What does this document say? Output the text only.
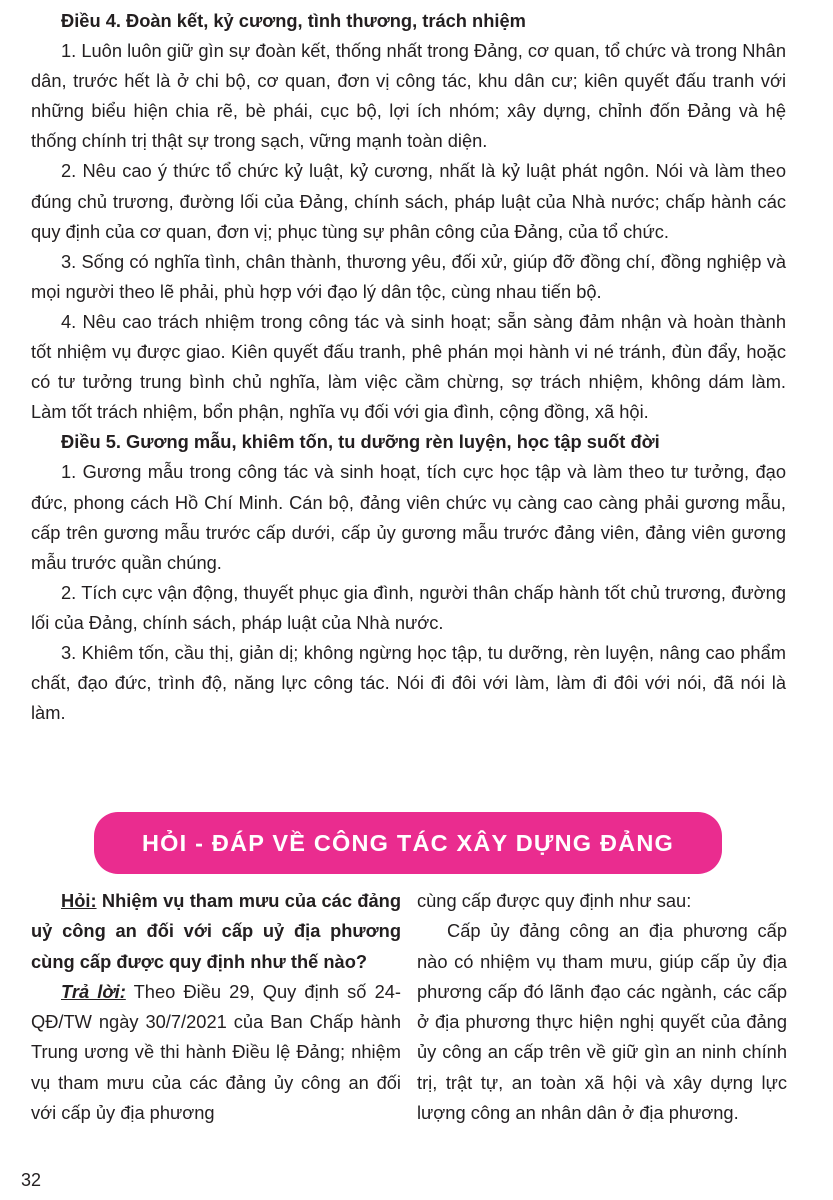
Điều 4. Đoàn kết, kỷ cương, tình thương, trách nhiệm

1. Luôn luôn giữ gìn sự đoàn kết, thống nhất trong Đảng, cơ quan, tổ chức và trong Nhân dân, trước hết là ở chi bộ, cơ quan, đơn vị công tác, khu dân cư; kiên quyết đấu tranh với những biểu hiện chia rẽ, bè phái, cục bộ, lợi ích nhóm; xây dựng, chỉnh đốn Đảng và hệ thống chính trị thật sự trong sạch, vững mạnh toàn diện.

2. Nêu cao ý thức tổ chức kỷ luật, kỷ cương, nhất là kỷ luật phát ngôn. Nói và làm theo đúng chủ trương, đường lối của Đảng, chính sách, pháp luật của Nhà nước; chấp hành các quy định của cơ quan, đơn vị; phục tùng sự phân công của Đảng, của tổ chức.

3. Sống có nghĩa tình, chân thành, thương yêu, đối xử, giúp đỡ đồng chí, đồng nghiệp và mọi người theo lẽ phải, phù hợp với đạo lý dân tộc, cùng nhau tiến bộ.

4. Nêu cao trách nhiệm trong công tác và sinh hoạt; sẵn sàng đảm nhận và hoàn thành tốt nhiệm vụ được giao. Kiên quyết đấu tranh, phê phán mọi hành vi né tránh, đùn đẩy, hoặc có tư tưởng trung bình chủ nghĩa, làm việc cầm chừng, sợ trách nhiệm, không dám làm. Làm tốt trách nhiệm, bổn phận, nghĩa vụ đối với gia đình, cộng đồng, xã hội.

Điều 5. Gương mẫu, khiêm tốn, tu dưỡng rèn luyện, học tập suốt đời

1. Gương mẫu trong công tác và sinh hoạt, tích cực học tập và làm theo tư tưởng, đạo đức, phong cách Hồ Chí Minh. Cán bộ, đảng viên chức vụ càng cao càng phải gương mẫu, cấp trên gương mẫu trước cấp dưới, cấp ủy gương mẫu trước đảng viên, đảng viên gương mẫu trước quần chúng.

2. Tích cực vận động, thuyết phục gia đình, người thân chấp hành tốt chủ trương, đường lối của Đảng, chính sách, pháp luật của Nhà nước.

3. Khiêm tốn, cầu thị, giản dị; không ngừng học tập, tu dưỡng, rèn luyện, nâng cao phẩm chất, đạo đức, trình độ, năng lực công tác. Nói đi đôi với làm, làm đi đôi với nói, đã nói là làm.

HỎI - ĐÁP VỀ CÔNG TÁC XÂY DỰNG ĐẢNG

Hỏi: Nhiệm vụ tham mưu của các đảng uỷ công an đối với cấp uỷ địa phương cùng cấp được quy định như thế nào?

Trả lời: Theo Điều 29, Quy định số 24-QĐ/TW ngày 30/7/2021 của Ban Chấp hành Trung ương về thi hành Điều lệ Đảng; nhiệm vụ tham mưu của các đảng ủy công an đối với cấp ủy địa phương

cùng cấp được quy định như sau:

Cấp ủy đảng công an địa phương cấp nào có nhiệm vụ tham mưu, giúp cấp ủy địa phương cấp đó lãnh đạo các ngành, các cấp ở địa phương thực hiện nghị quyết của đảng ủy công an cấp trên về giữ gìn an ninh chính trị, trật tự, an toàn xã hội và xây dựng lực lượng công an nhân dân ở địa phương.

32
